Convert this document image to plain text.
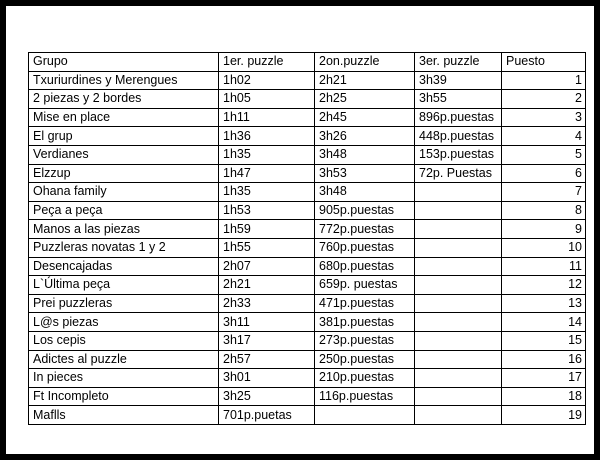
Grupo	1er. puzzle	2on.puzzle	3er. puzzle	Puesto
Txuriurdines y Merengues	1h02	2h21	3h39	1
2 piezas y 2 bordes	1h05	2h25	3h55	2
Mise en place	1h11	2h45	896p.puestas	3
El grup	1h36	3h26	448p.puestas	4
Verdianes	1h35	3h48	153p.puestas	5
Elzzup	1h47	3h53	72p. Puestas	6
Ohana family	1h35	3h48		7
Peça a peça	1h53	905p.puestas		8
Manos a las piezas	1h59	772p.puestas		9
Puzzleras novatas 1 y 2	1h55	760p.puestas		10
Desencajadas	2h07	680p.puestas		11
L`Última peça	2h21	659p. puestas		12
Prei puzzleras	2h33	471p.puestas		13
L@s piezas	3h11	381p.puestas		14
Los cepis	3h17	273p.puestas		15
Adictes al puzzle	2h57	250p.puestas		16
In pieces	3h01	210p.puestas		17
Ft Incompleto	3h25	116p.puestas		18
Maflls	701p.puetas			19
